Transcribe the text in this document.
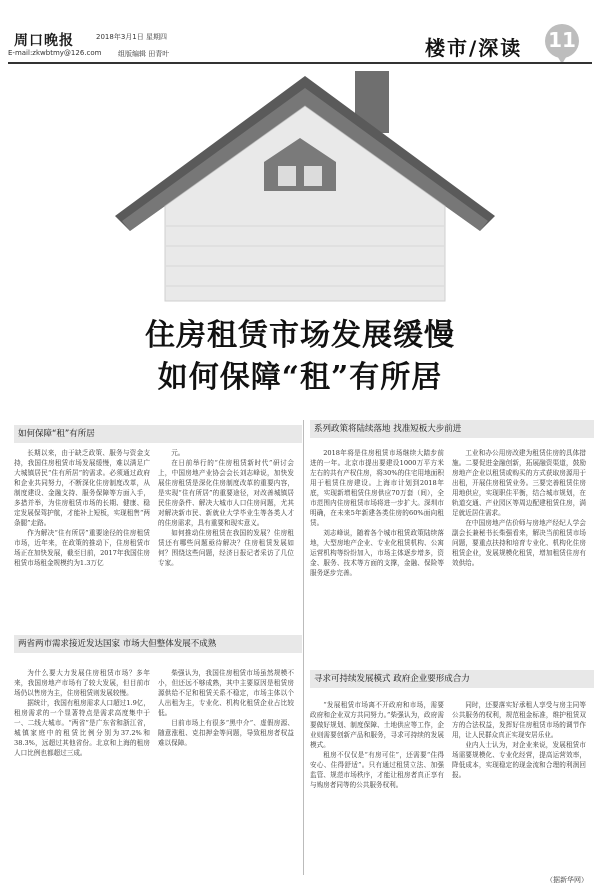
周口晚报	2018年3月1日 星期四
E-mail:zkwbtmy@126.com 组版编辑 田青叶	楼市/深读 11
住房租赁市场发展缓慢
如何保障“租”有所居
如何保障“租”有所居

长期以来，由于缺乏政策、服务与资金支持，我国住房租赁市场发展缓慢，难以满足广大城镇居民“住有所居”的需求。必须通过政府和企业共同努力，不断深化住房制度改革，从制度建设、金融支持、服务保障等方面入手，多措并举，为住房租赁市场的长期、健康、稳定发展保驾护航，才能补上短板，实现租售“两条腿”走路。

作为解决“住有所居”重要途径的住房租赁市场，近年来，在政策的推动下，住房租赁市场正在加快发展，截至目前，2017年我国住房租赁市场租金规模约为1.3万亿

元。

在日前举行的“住房租赁新时代”研讨会上，中国房地产业协会会长刘志峰说，加快发展住房租赁是深化住房制度改革的重要内容，是实现“住有所居”的重要途径，对改善城镇居民住房条件、解决大城市人口住房问题，尤其对解决新市民、新就业大学毕业生等各类人才的住房需求，具有重要和现实意义。

如何推动住房租赁在我国的发展？住房租赁还有哪些问题亟待解决？住房租赁发展如何？围绕这些问题，经济日报记者采访了几位专家。

系列政策将陆续落地 找准短板大步前进

2018年将是住房租赁市场继续大踏步前进的一年。北京市提出要建设1000万平方米左右的共有产权住房，将30%的住宅用地面积用于租赁住房建设。上海市计划到2018年底，实现新增租赁住房供应70万套（间），全市范围内住房租赁市场将进一步扩大。深圳市明确，在未来5年新建各类住房的60%面向租赁。

刘志峰说，随着各个城市租赁政策陆续落地，大型房地产企业、专业化租赁机构、公寓运营机构等纷纷加入，市场主体逐步增多，资金、服务、技术等方面的支撑，金融、保险等服务逐步完善。

工业和办公用房改建为租赁住房的具体措施。二要促进金融创新，拓展融资渠道，鼓励房地产企业以租赁或购买的方式获取房源用于出租，开展住房租赁业务。三要完善租赁住房用地供应，实现职住平衡，结合城市规划，在轨道交通、产业园区等周边配建租赁住房，满足就近居住需求。

在中国房地产估价师与房地产经纪人学会副会长兼秘书长柴强看来，解决当前租赁市场问题，要重点扶持和培育专业化、机构化住房租赁企业，发展规模化租赁，增加租赁住房有效供给。

两省两市需求接近发达国家 市场大但整体发展不成熟

为什么要大力发展住房租赁市场？多年来，我国房地产市场有了较大发展，但目前市场仍以售房为主，住房租赁则发展较慢。

据统计，我国有租房需求人口超过1.9亿，租房需求的一个显著特点是需求高度集中于一、二线大城市。“两省”是广东省和浙江省，城镇家庭中的租赁比例分别为37.2%和38.3%，远超过其他省份。北京和上海的租房人口比例也都超过三成。

柴强认为，我国住房租赁市场虽然规模不小，但还远不够成熟，其中主要原因是租赁房源供给不足和租赁关系不稳定，市场主体以个人出租为主，专业化、机构化租赁企业占比较低。

目前市场上有很多“黑中介”、虚假房源、随意涨租、克扣押金等问题，导致租房者权益难以保障。

寻求可持续发展模式 政府企业要形成合力

“发展租赁市场离不开政府和市场，需要政府和企业双方共同努力。”柴强认为，政府需要做好规划、制度保障、土地供应等工作，企业则需要创新产品和服务，寻求可持续的发展模式。

租房不仅仅是“有房可住”，还需要“住得安心、住得舒适”。只有通过租赁立法、加强监管、规范市场秩序，才能让租房者真正享有与购房者同等的公共服务权利。

同时，还要落实好承租人享受与房主同等公共服务的权利，规范租金标准，维护租赁双方的合法权益，发挥好住房租赁市场的调节作用，让人民群众真正实现安居乐业。

业内人士认为，对企业来说，发展租赁市场需要规模化、专业化经营，提高运营效率，降低成本，实现稳定的现金流和合理的利润回报。

（据新华网）
